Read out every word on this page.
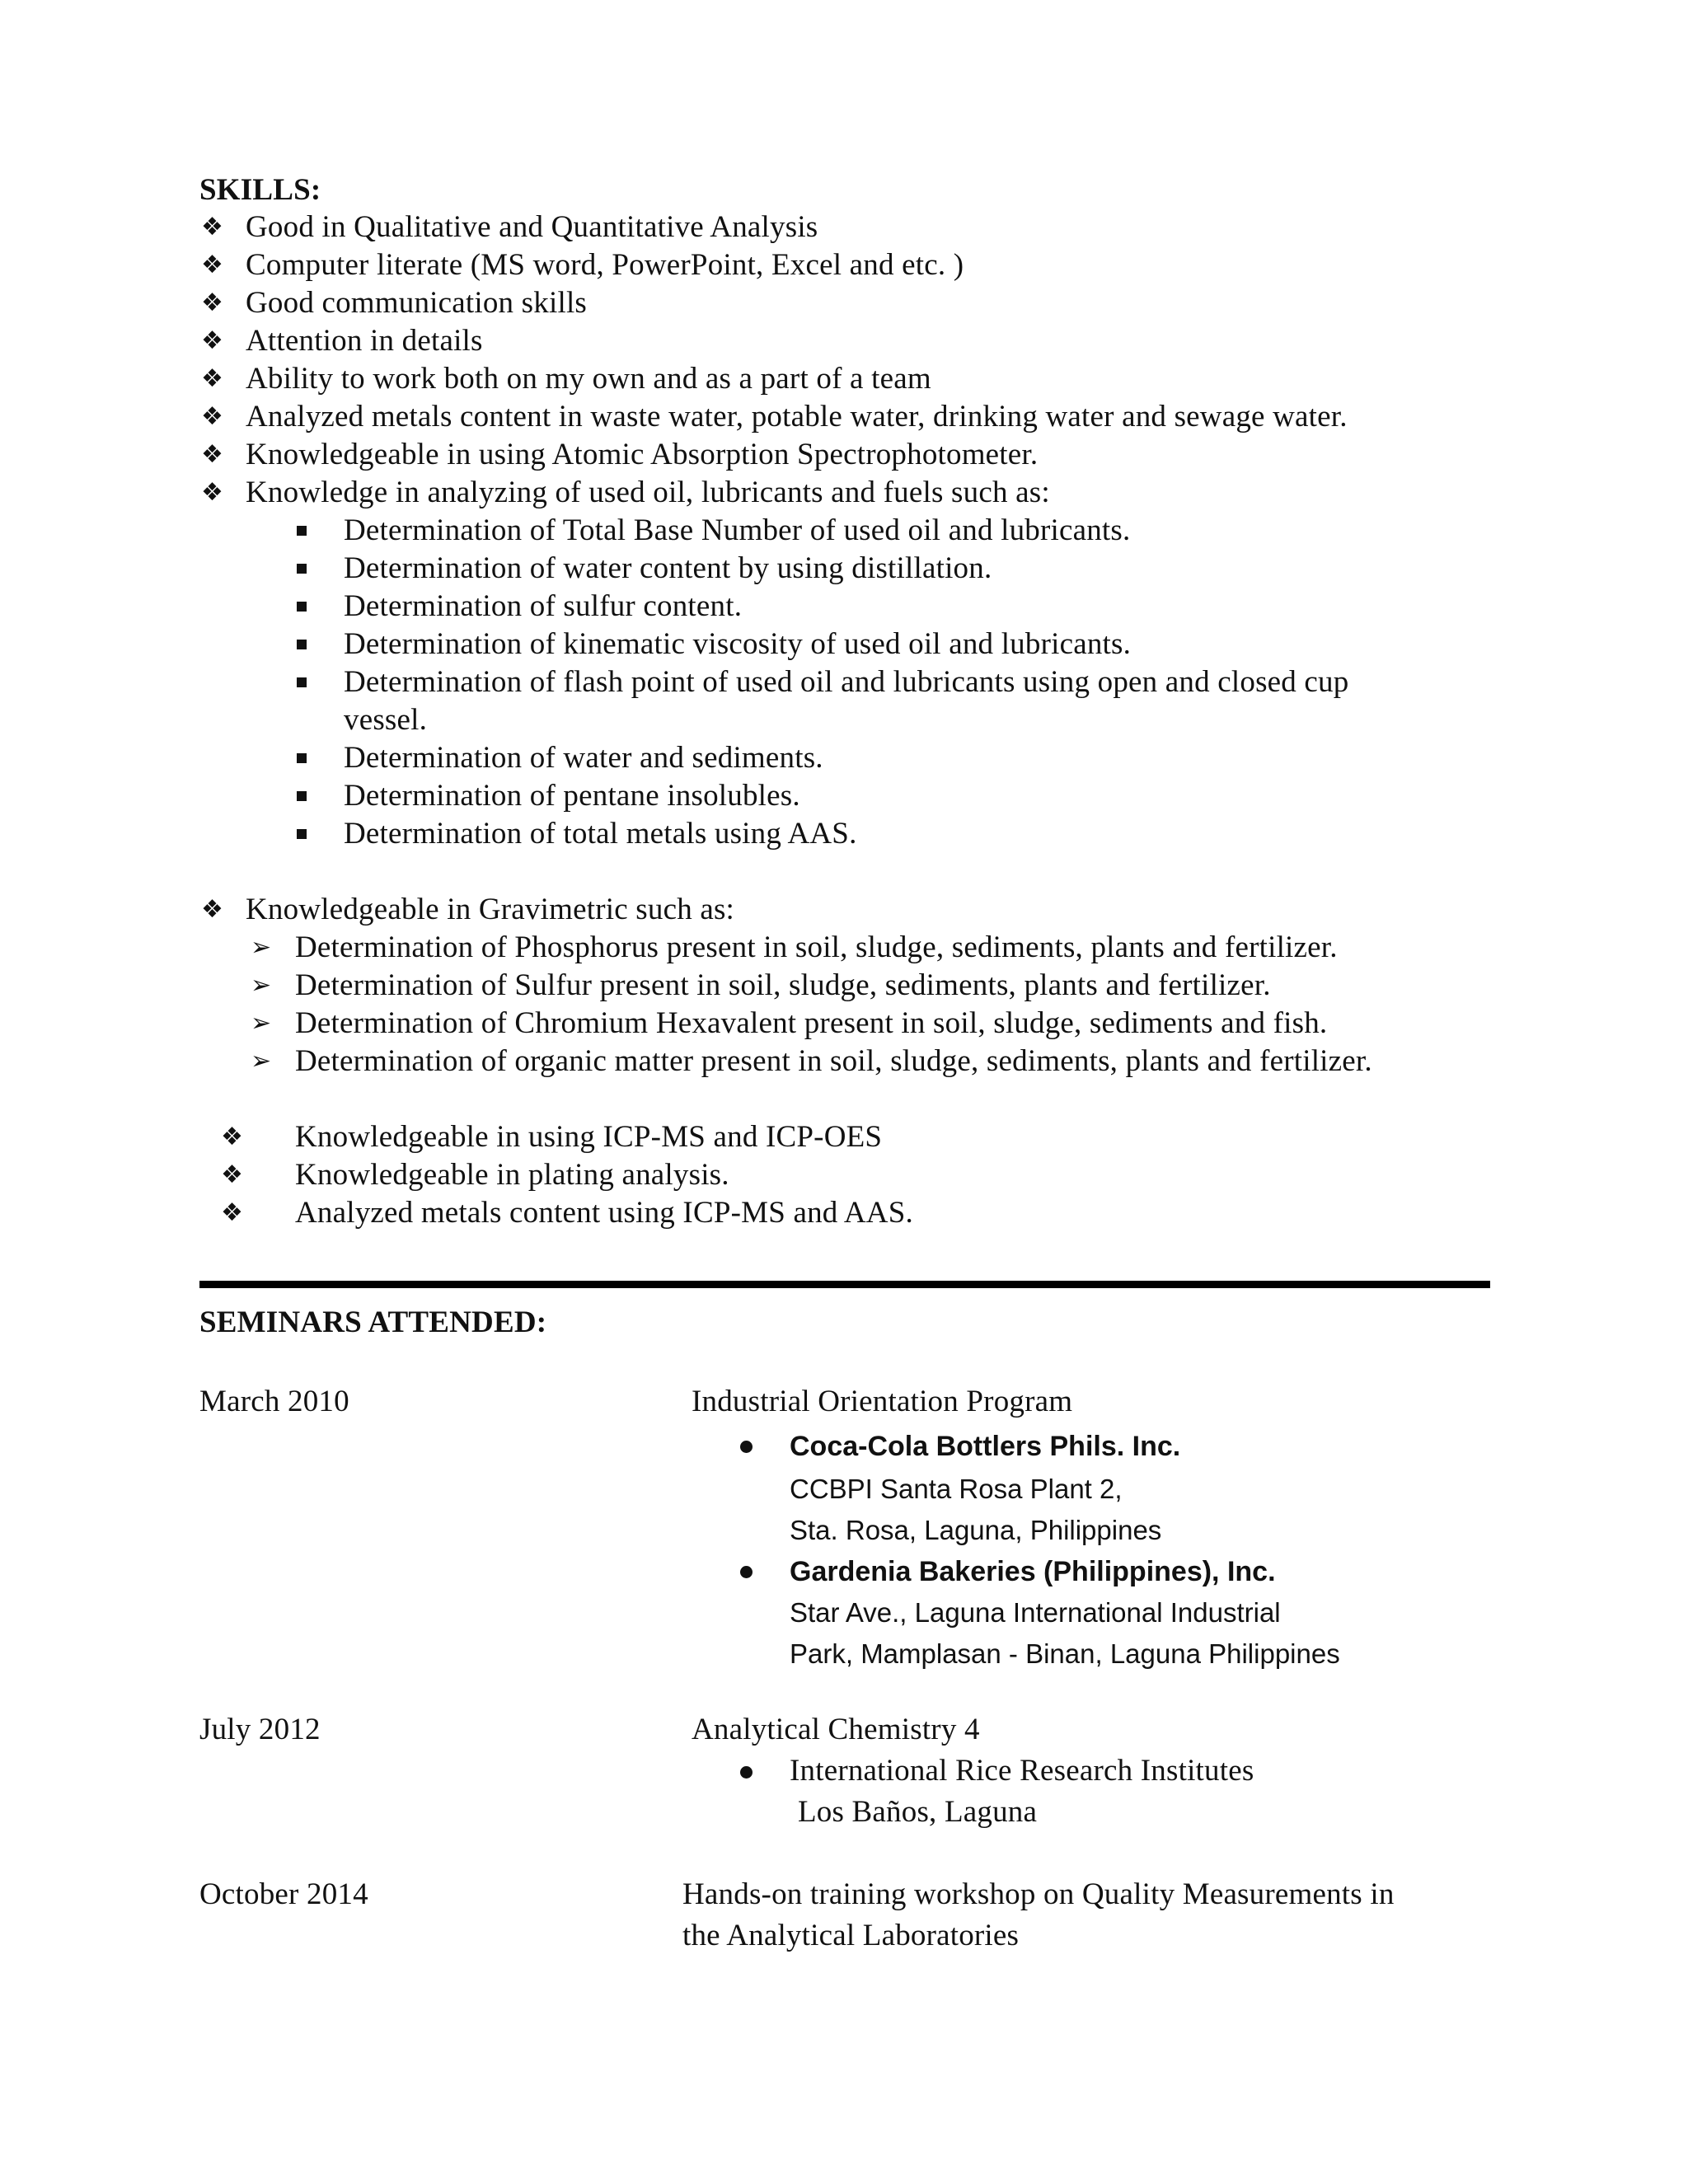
SKILLS:
❖ Good in Qualitative and Quantitative Analysis
❖ Computer literate (MS word, PowerPoint, Excel and etc. )
❖ Good communication skills
❖ Attention in details
❖ Ability to work both on my own and as a part of a team
❖ Analyzed metals content in waste water, potable water, drinking water and sewage water.
❖ Knowledgeable in using Atomic Absorption Spectrophotometer.
❖ Knowledge in analyzing of used oil, lubricants and fuels such as:
Determination of Total Base Number of used oil and lubricants.
Determination of water content by using distillation.
Determination of sulfur content.
Determination of kinematic viscosity of used oil and lubricants.
Determination of flash point of used oil and lubricants using open and closed cup
vessel.
Determination of water and sediments.
Determination of pentane insolubles.
Determination of total metals using AAS.
❖ Knowledgeable in Gravimetric such as:
➢ Determination of Phosphorus present in soil, sludge, sediments, plants and fertilizer.
➢ Determination of Sulfur present in soil, sludge, sediments, plants and fertilizer.
➢ Determination of Chromium Hexavalent present in soil, sludge, sediments and fish.
➢ Determination of organic matter present in soil, sludge, sediments, plants and fertilizer.
❖ Knowledgeable in using ICP-MS and ICP-OES
❖ Knowledgeable in plating analysis.
❖ Analyzed metals content using ICP-MS and AAS.
SEMINARS ATTENDED:
March 2010	Industrial Orientation Program
Coca-Cola Bottlers Phils. Inc.
CCBPI Santa Rosa Plant 2,
Sta. Rosa, Laguna, Philippines
Gardenia Bakeries (Philippines), Inc.
Star Ave., Laguna International Industrial
Park, Mamplasan - Binan, Laguna Philippines
July 2012	Analytical Chemistry 4
International Rice Research Institutes
Los Baños, Laguna
October 2014	Hands-on training workshop on Quality Measurements in
the Analytical Laboratories
